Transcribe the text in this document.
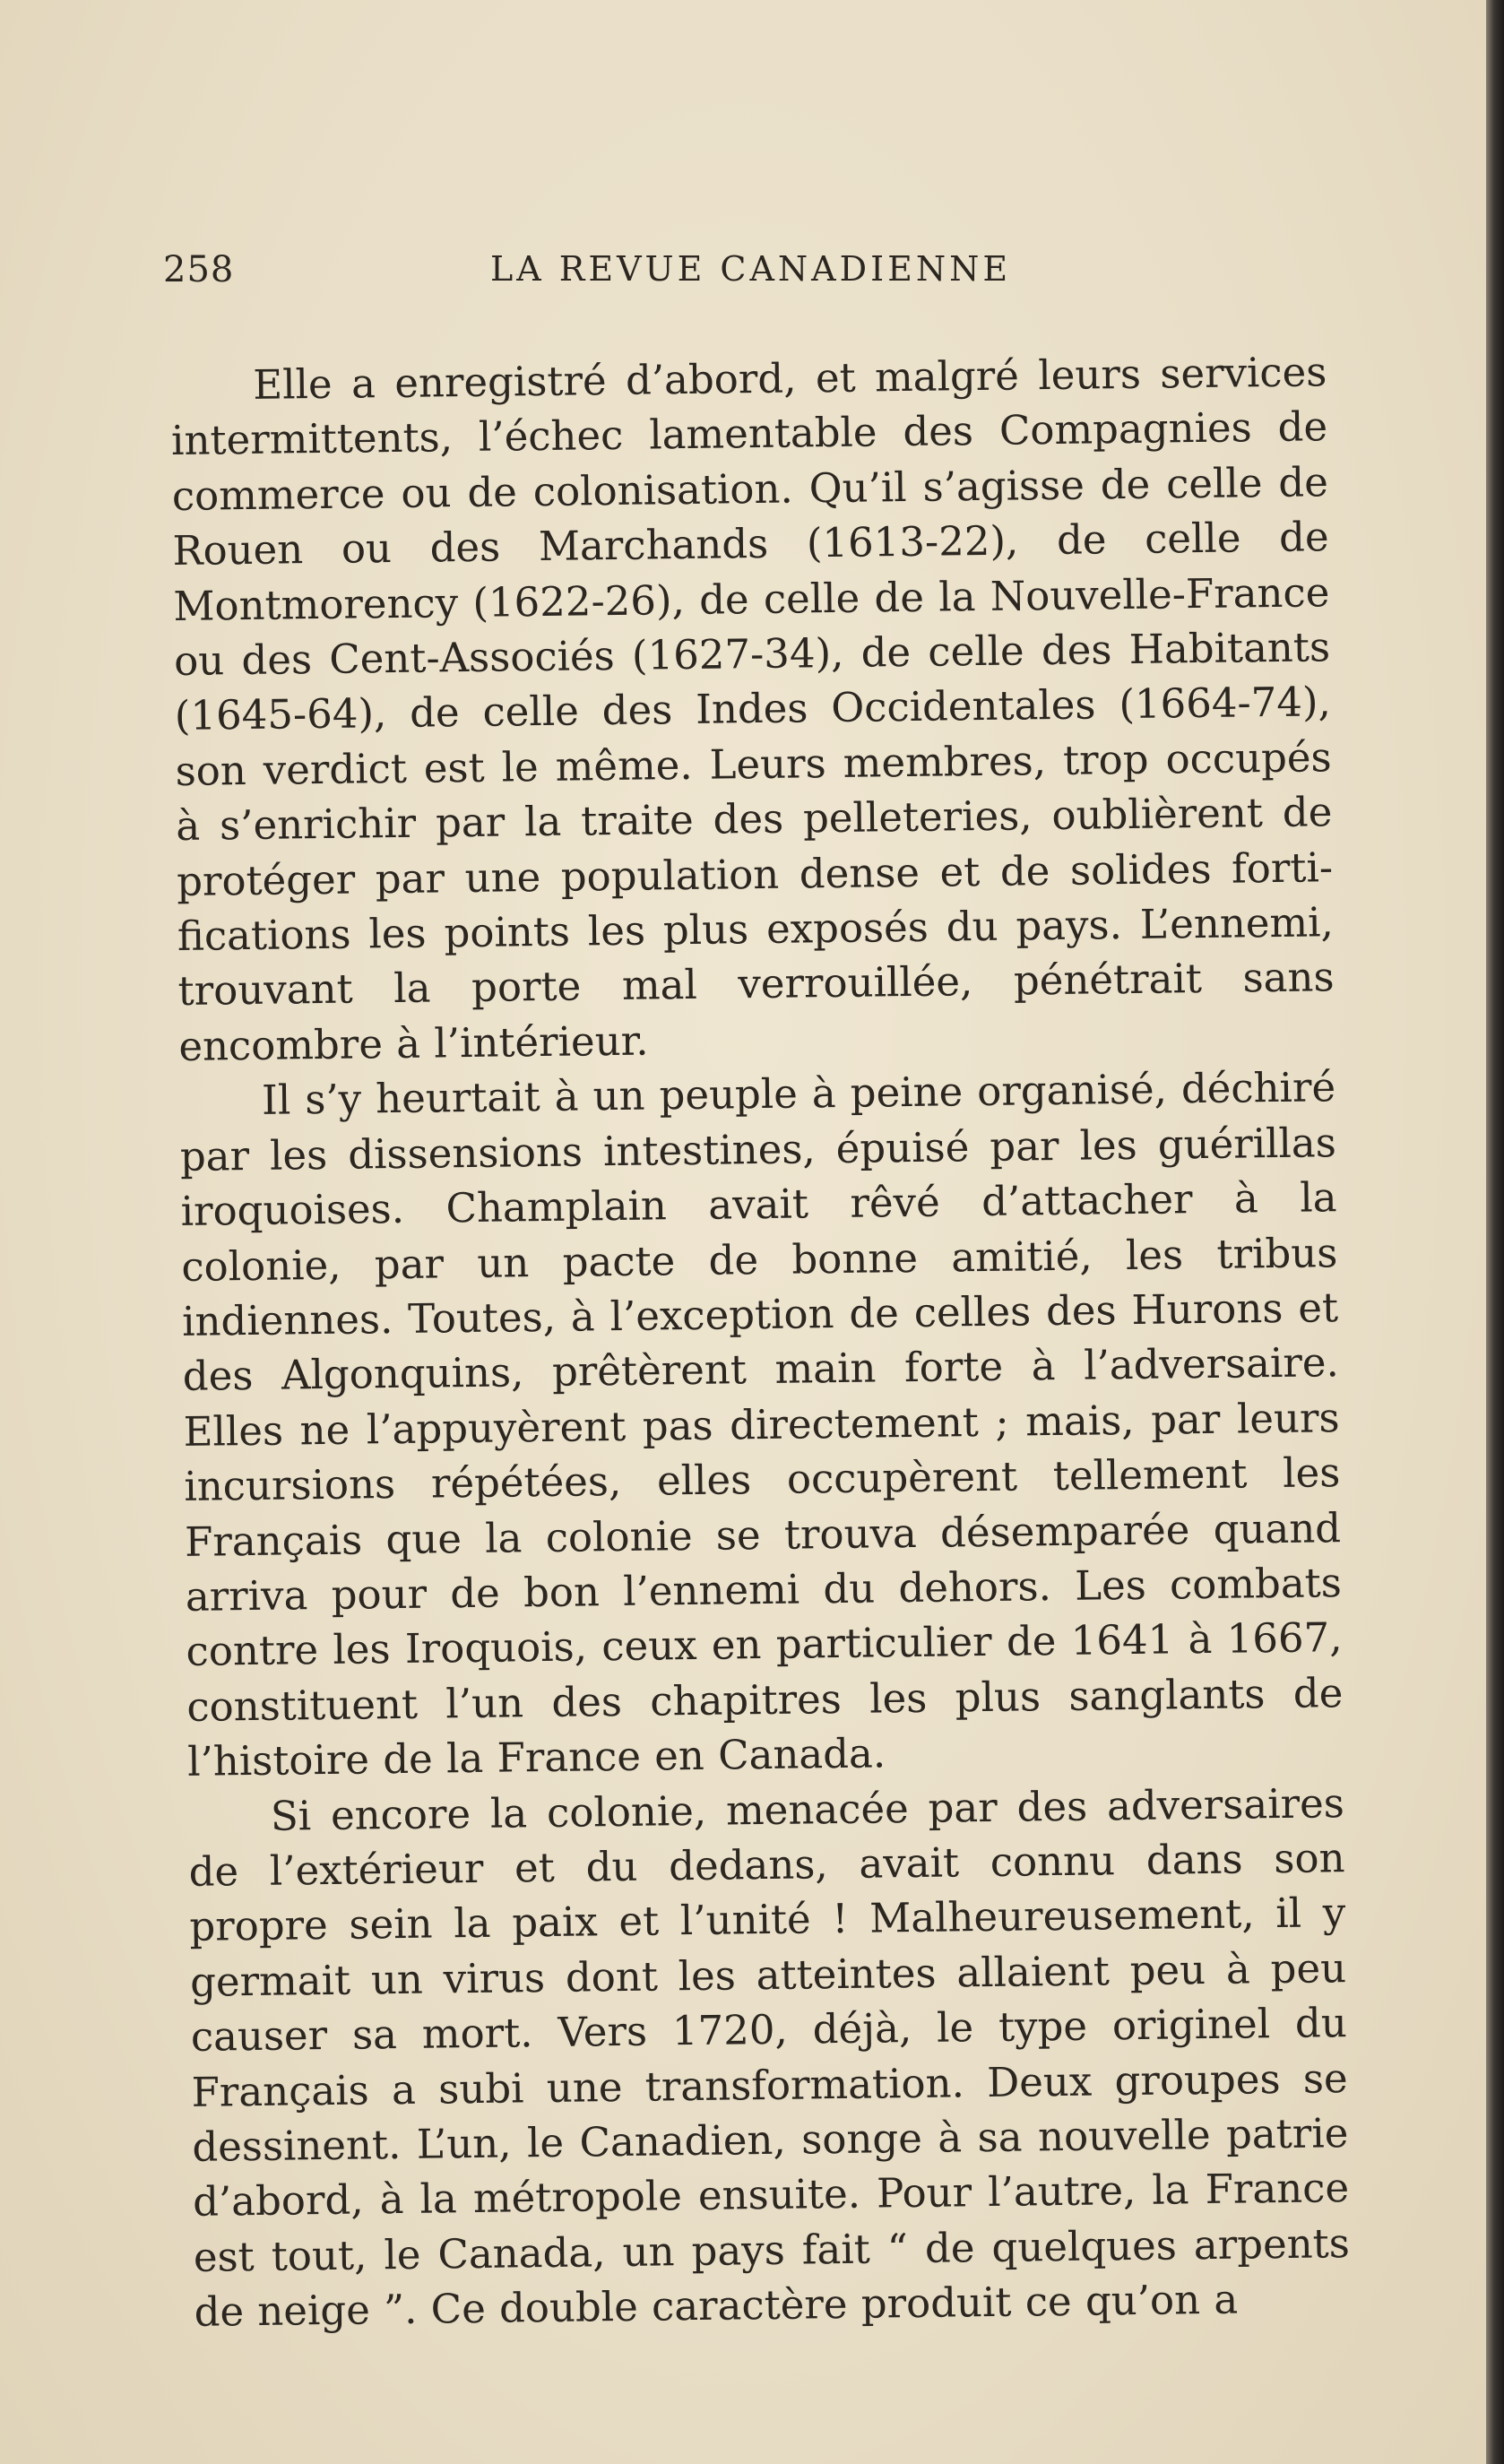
258	LA REVUE CANADIENNE

Elle a enregistré d’abord, et malgré leurs services intermittents, l’échec lamentable des Compagnies de commerce ou de colonisation. Qu’il s’agisse de celle de Rouen ou des Marchands (1613-22), de celle de Montmorency (1622-26), de celle de la Nouvelle-France ou des Cent-Associés (1627-34), de celle des Habitants (1645-64), de celle des Indes Occidentales (1664-74), son verdict est le même. Leurs membres, trop occupés à s’enrichir par la traite des pelleteries, oublièrent de protéger par une population dense et de solides fortifications les points les plus exposés du pays. L’ennemi, trouvant la porte mal verrouillée, pénétrait sans encombre à l’intérieur.

Il s’y heurtait à un peuple à peine organisé, déchiré par les dissensions intestines, épuisé par les guérillas iroquoises. Champlain avait rêvé d’attacher à la colonie, par un pacte de bonne amitié, les tribus indiennes. Toutes, à l’exception de celles des Hurons et des Algonquins, prêtèrent main forte à l’adversaire. Elles ne l’appuyèrent pas directement ; mais, par leurs incursions répétées, elles occupèrent tellement les Français que la colonie se trouva désemparée quand arriva pour de bon l’ennemi du dehors. Les combats contre les Iroquois, ceux en particulier de 1641 à 1667, constituent l’un des chapitres les plus sanglants de l’histoire de la France en Canada.

Si encore la colonie, menacée par des adversaires de l’extérieur et du dedans, avait connu dans son propre sein la paix et l’unité ! Malheureusement, il y germait un virus dont les atteintes allaient peu à peu causer sa mort. Vers 1720, déjà, le type originel du Français a subi une transformation. Deux groupes se dessinent. L’un, le Canadien, songe à sa nouvelle patrie d’abord, à la métropole ensuite. Pour l’autre, la France est tout, le Canada, un pays fait “ de quelques arpents de neige ”. Ce double caractère produit ce qu’on a
